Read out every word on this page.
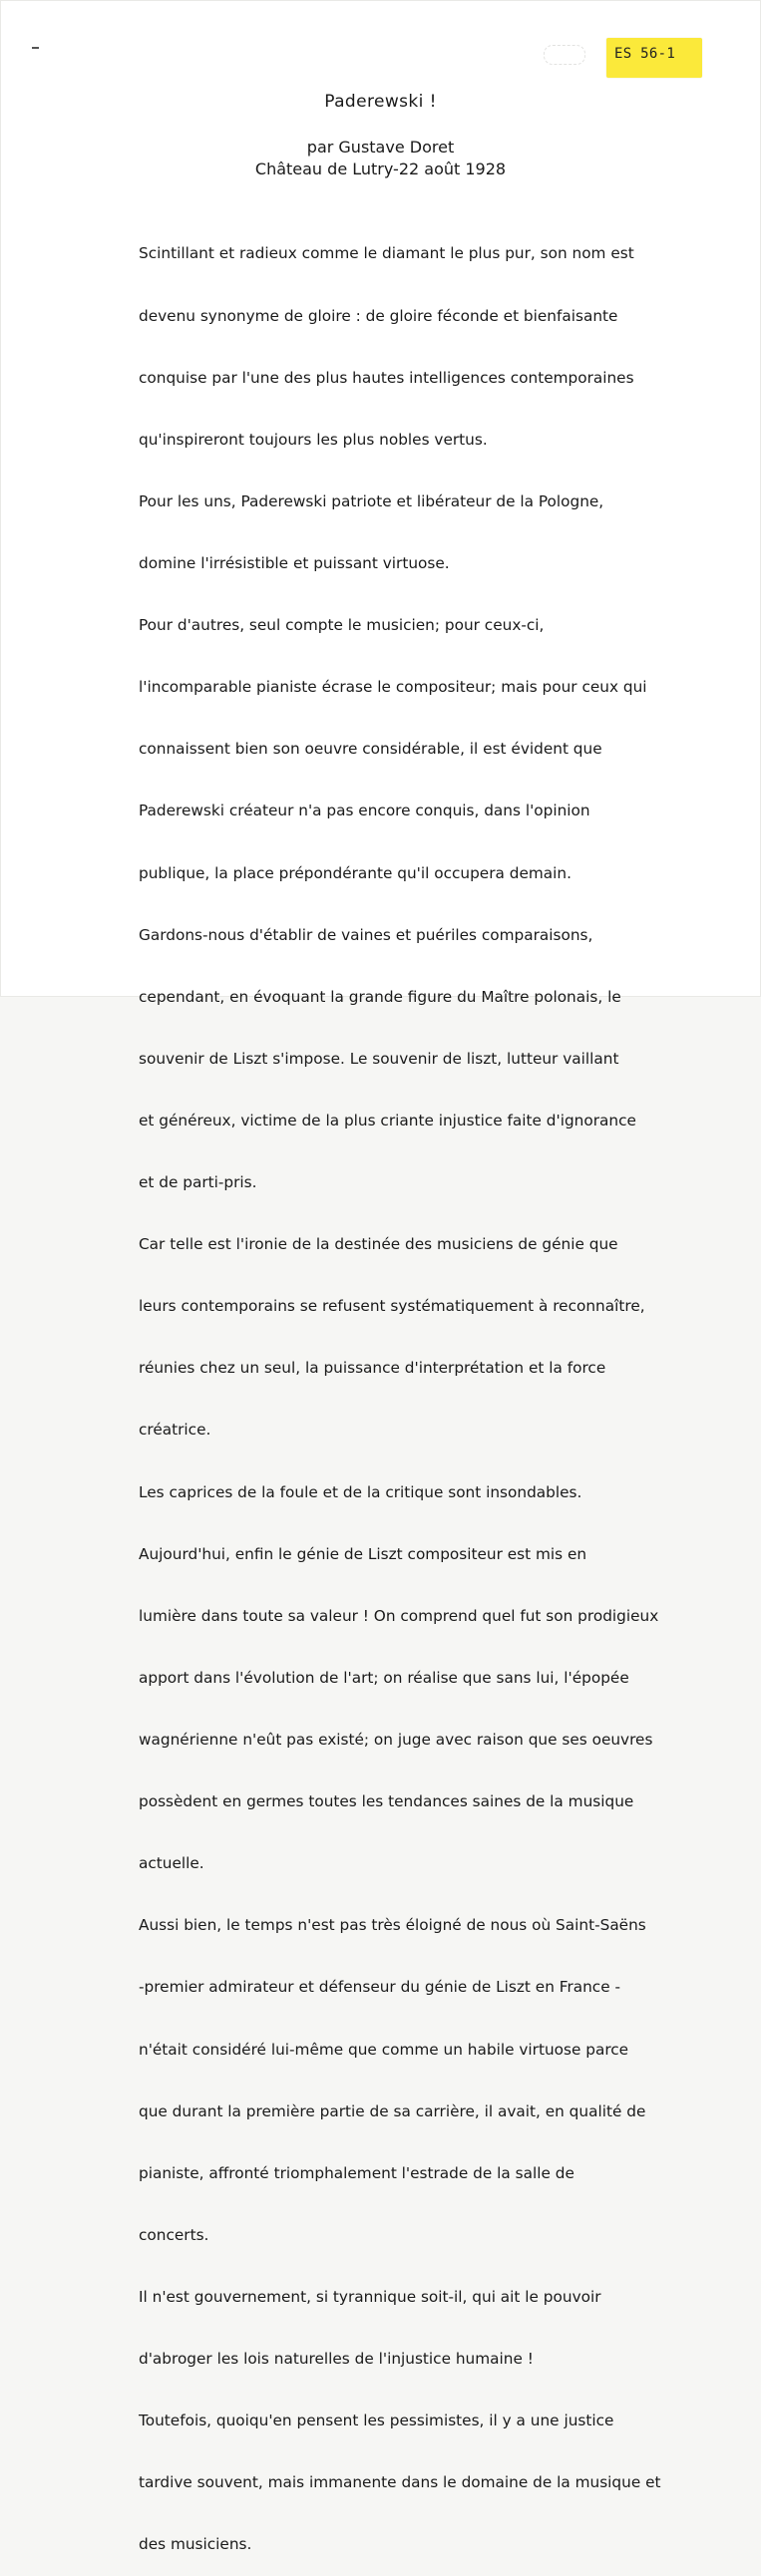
ES 56-1
Paderewski !
par Gustave Doret
Château de Lutry-22 août 1928

Scintillant et radieux comme le diamant le plus pur, son nom est

devenu synonyme de gloire : de gloire féconde et bienfaisante

conquise par l'une des plus hautes intelligences contemporaines

qu'inspireront toujours les plus nobles vertus.

Pour les uns, Paderewski patriote et libérateur de la Pologne,

domine l'irrésistible et puissant virtuose.

Pour d'autres, seul compte le musicien; pour ceux-ci,

l'incomparable pianiste écrase le compositeur; mais pour ceux qui

connaissent bien son oeuvre considérable, il est évident que

Paderewski créateur n'a pas encore conquis, dans l'opinion

publique, la place prépondérante qu'il occupera demain.

Gardons-nous d'établir de vaines et puériles comparaisons,

cependant, en évoquant la grande figure du Maître polonais, le

souvenir de Liszt s'impose. Le souvenir de liszt, lutteur vaillant

et généreux, victime de la plus criante injustice faite d'ignorance

et de parti-pris.

Car telle est l'ironie de la destinée des musiciens de génie que

leurs contemporains se refusent systématiquement à reconnaître,

réunies chez un seul, la puissance d'interprétation et la force

créatrice.

Les caprices de la foule et de la critique sont insondables.

Aujourd'hui, enfin le génie de Liszt compositeur est mis en

lumière dans toute sa valeur ! On comprend quel fut son prodigieux

apport dans l'évolution de l'art; on réalise que sans lui, l'épopée

wagnérienne n'eût pas existé; on juge avec raison que ses oeuvres

possèdent en germes toutes les tendances saines de la musique

actuelle.

Aussi bien, le temps n'est pas très éloigné de nous où Saint-Saëns

-premier admirateur et défenseur du génie de Liszt en France -

n'était considéré lui-même que comme un habile virtuose parce

que durant la première partie de sa carrière, il avait, en qualité de

pianiste, affronté triomphalement l'estrade de la salle de

concerts.

Il n'est gouvernement, si tyrannique soit-il, qui ait le pouvoir

d'abroger les lois naturelles de l'injustice humaine !

Toutefois, quoiqu'en pensent les pessimistes, il y a une justice

tardive souvent, mais immanente dans le domaine de la musique et

des musiciens.
